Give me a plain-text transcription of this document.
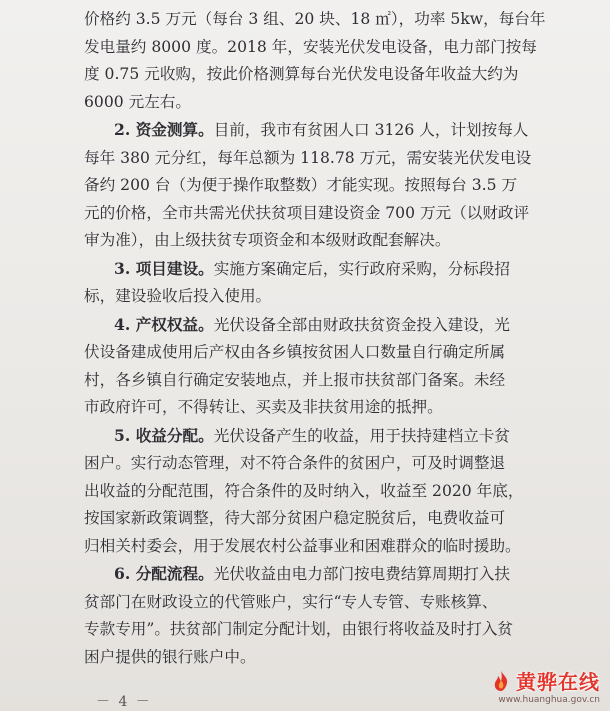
价格约 3.5 万元（每台 3 组、20 块、18 ㎡），功率 5kw，每台年
发电量约 8000 度。2018 年，安装光伏发电设备，电力部门按每
度 0.75 元收购，按此价格测算每台光伏发电设备年收益大约为
6000 元左右。
2. 资金测算。目前，我市有贫困人口 3126 人，计划按每人
每年 380 元分红，每年总额为 118.78 万元，需安装光伏发电设
备约 200 台（为便于操作取整数）才能实现。按照每台 3.5 万
元的价格，全市共需光伏扶贫项目建设资金 700 万元（以财政评
审为准），由上级扶贫专项资金和本级财政配套解决。
3. 项目建设。实施方案确定后，实行政府采购，分标段招
标，建设验收后投入使用。
4. 产权权益。光伏设备全部由财政扶贫资金投入建设，光
伏设备建成使用后产权由各乡镇按贫困人口数量自行确定所属
村，各乡镇自行确定安装地点，并上报市扶贫部门备案。未经
市政府许可，不得转让、买卖及非扶贫用途的抵押。
5. 收益分配。光伏设备产生的收益，用于扶持建档立卡贫
困户。实行动态管理，对不符合条件的贫困户，可及时调整退
出收益的分配范围，符合条件的及时纳入，收益至 2020 年底，
按国家新政策调整，待大部分贫困户稳定脱贫后，电费收益可
归相关村委会，用于发展农村公益事业和困难群众的临时援助。
6. 分配流程。光伏收益由电力部门按电费结算周期打入扶
贫部门在财政设立的代管账户，实行“专人专管、专账核算、
专款专用”。扶贫部门制定分配计划，由银行将收益及时打入贫
困户提供的银行账户中。
－ 4 －
黄骅在线
www.huanghua.gov.cn
